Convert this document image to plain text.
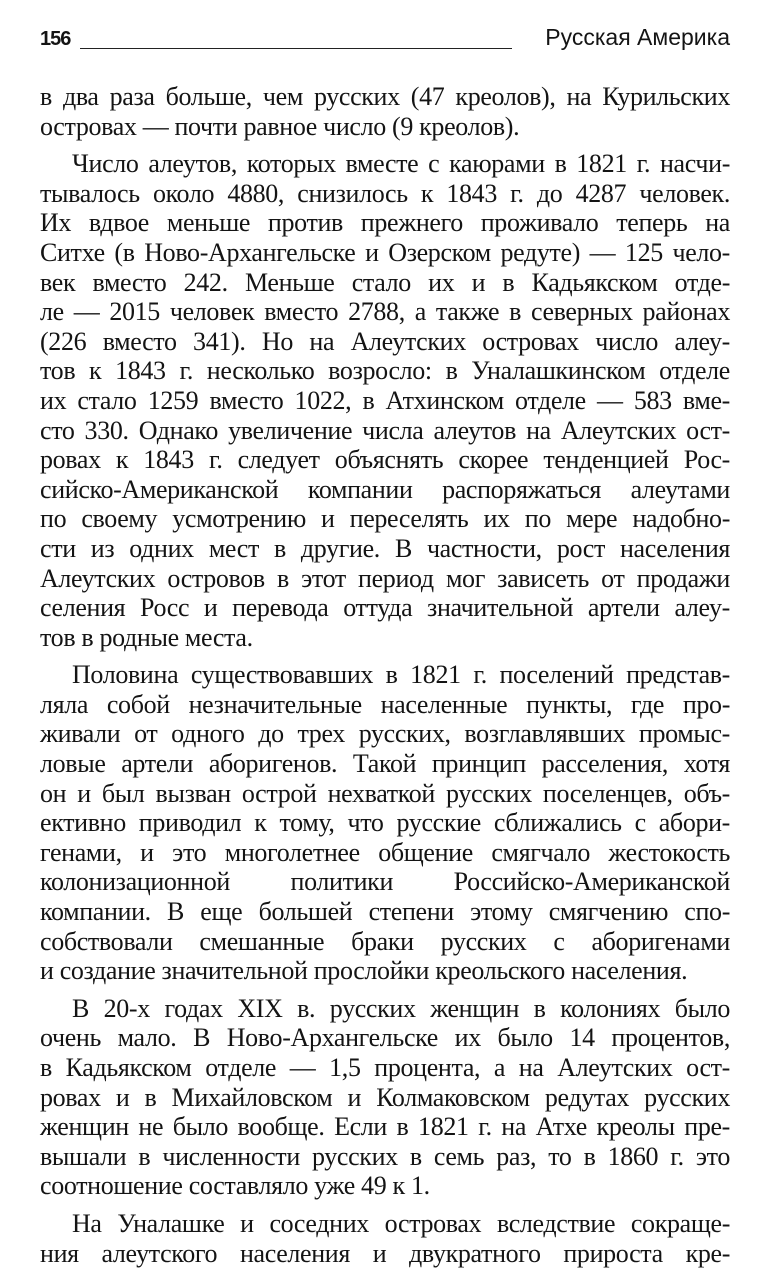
156	Русская Америка
в два раза больше, чем русских (47 креолов), на Курильских
островах — почти равное число (9 креолов).
Число алеутов, которых вместе с каюрами в 1821 г. насчи-
тывалось около 4880, снизилось к 1843 г. до 4287 человек.
Их вдвое меньше против прежнего проживало теперь на
Ситхе (в Ново-Архангельске и Озерском редуте) — 125 чело-
век вместо 242. Меньше стало их и в Кадьякском отде-
ле — 2015 человек вместо 2788, а также в северных районах
(226 вместо 341). Но на Алеутских островах число алеу-
тов к 1843 г. несколько возросло: в Уналашкинском отделе
их стало 1259 вместо 1022, в Атхинском отделе — 583 вме-
сто 330. Однако увеличение числа алеутов на Алеутских ост-
ровах к 1843 г. следует объяснять скорее тенденцией Рос-
сийско-Американской компании распоряжаться алеутами
по своему усмотрению и переселять их по мере надобно-
сти из одних мест в другие. В частности, рост населения
Алеутских островов в этот период мог зависеть от продажи
селения Росс и перевода оттуда значительной артели алеу-
тов в родные места.
Половина существовавших в 1821 г. поселений представ-
ляла собой незначительные населенные пункты, где про-
живали от одного до трех русских, возглавлявших промыс-
ловые артели аборигенов. Такой принцип расселения, хотя
он и был вызван острой нехваткой русских поселенцев, объ-
ективно приводил к тому, что русские сближались с абори-
генами, и это многолетнее общение смягчало жестокость
колонизационной политики Российско-Американской
компании. В еще большей степени этому смягчению спо-
собствовали смешанные браки русских с аборигенами
и создание значительной прослойки креольского населения.
В 20-х годах XIX в. русских женщин в колониях было
очень мало. В Ново-Архангельске их было 14 процентов,
в Кадьякском отделе — 1,5 процента, а на Алеутских ост-
ровах и в Михайловском и Колмаковском редутах русских
женщин не было вообще. Если в 1821 г. на Атхе креолы пре-
вышали в численности русских в семь раз, то в 1860 г. это
соотношение составляло уже 49 к 1.
На Уналашке и соседних островах вследствие сокраще-
ния алеутского населения и двукратного прироста кре-
